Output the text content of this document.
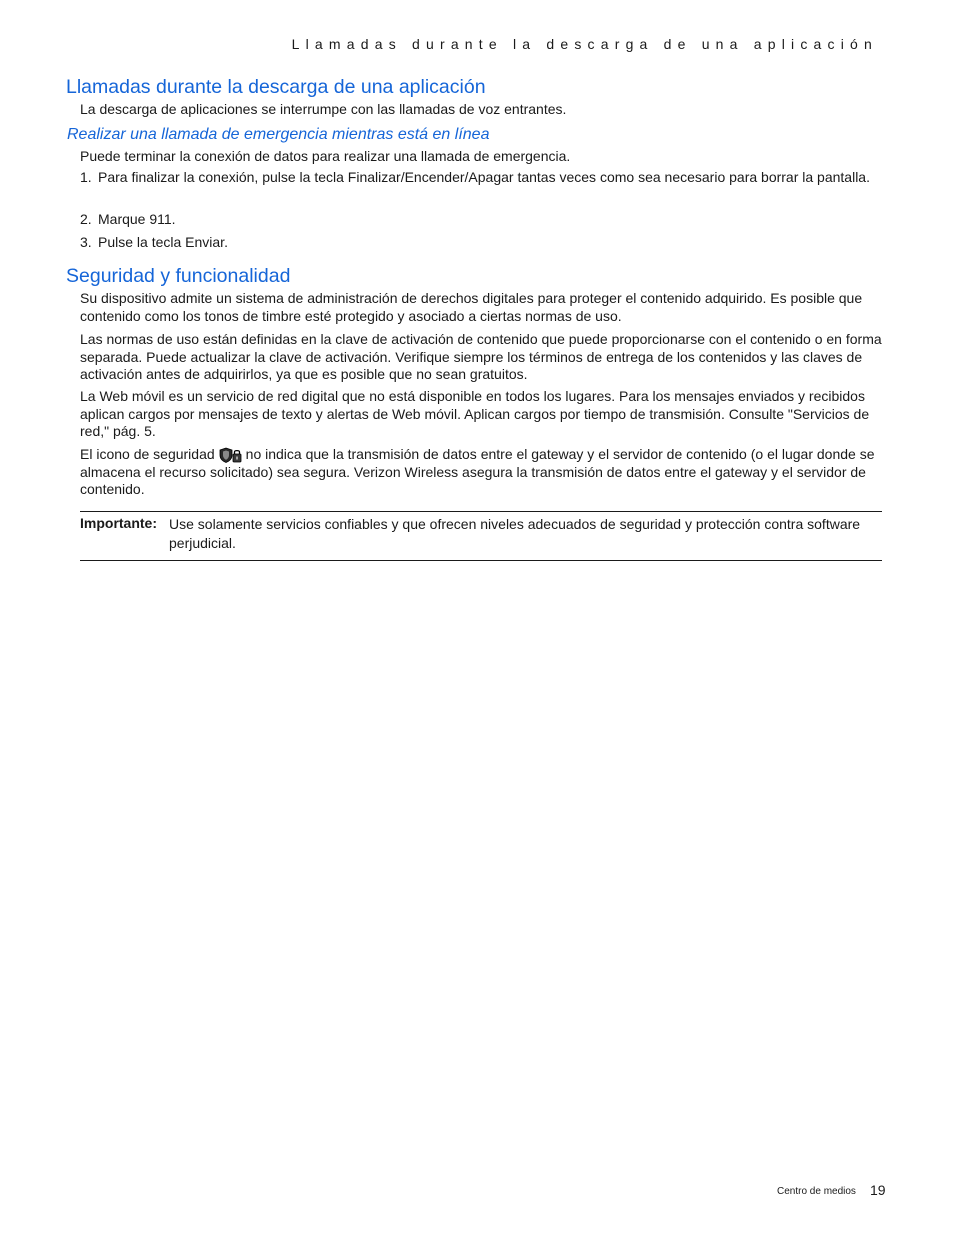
Llamadas durante la descarga de una aplicación
Llamadas durante la descarga de una aplicación

La descarga de aplicaciones se interrumpe con las llamadas de voz entrantes.

Realizar una llamada de emergencia mientras está en línea

Puede terminar la conexión de datos para realizar una llamada de emergencia.

1. Para finalizar la conexión, pulse la tecla Finalizar/Encender/Apagar tantas veces como sea necesario para borrar la pantalla.
2. Marque 911.
3. Pulse la tecla Enviar.
Seguridad y funcionalidad

Su dispositivo admite un sistema de administración de derechos digitales para proteger el contenido adquirido. Es posible que contenido como los tonos de timbre esté protegido y asociado a ciertas normas de uso.

Las normas de uso están definidas en la clave de activación de contenido que puede proporcionarse con el contenido o en forma separada. Puede actualizar la clave de activación. Verifique siempre los términos de entrega de los contenidos y las claves de activación antes de adquirirlos, ya que es posible que no sean gratuitos.

La Web móvil es un servicio de red digital que no está disponible en todos los lugares. Para los mensajes enviados y recibidos aplican cargos por mensajes de texto y alertas de Web móvil. Aplican cargos por tiempo de transmisión. Consulte "Servicios de red," pág. 5.

El icono de seguridad no indica que la transmisión de datos entre el gateway y el servidor de contenido (o el lugar donde se almacena el recurso solicitado) sea segura. Verizon Wireless asegura la transmisión de datos entre el gateway y el servidor de contenido.

Importante: Use solamente servicios confiables y que ofrecen niveles adecuados de seguridad y protección contra software perjudicial.
Centro de medios 19
